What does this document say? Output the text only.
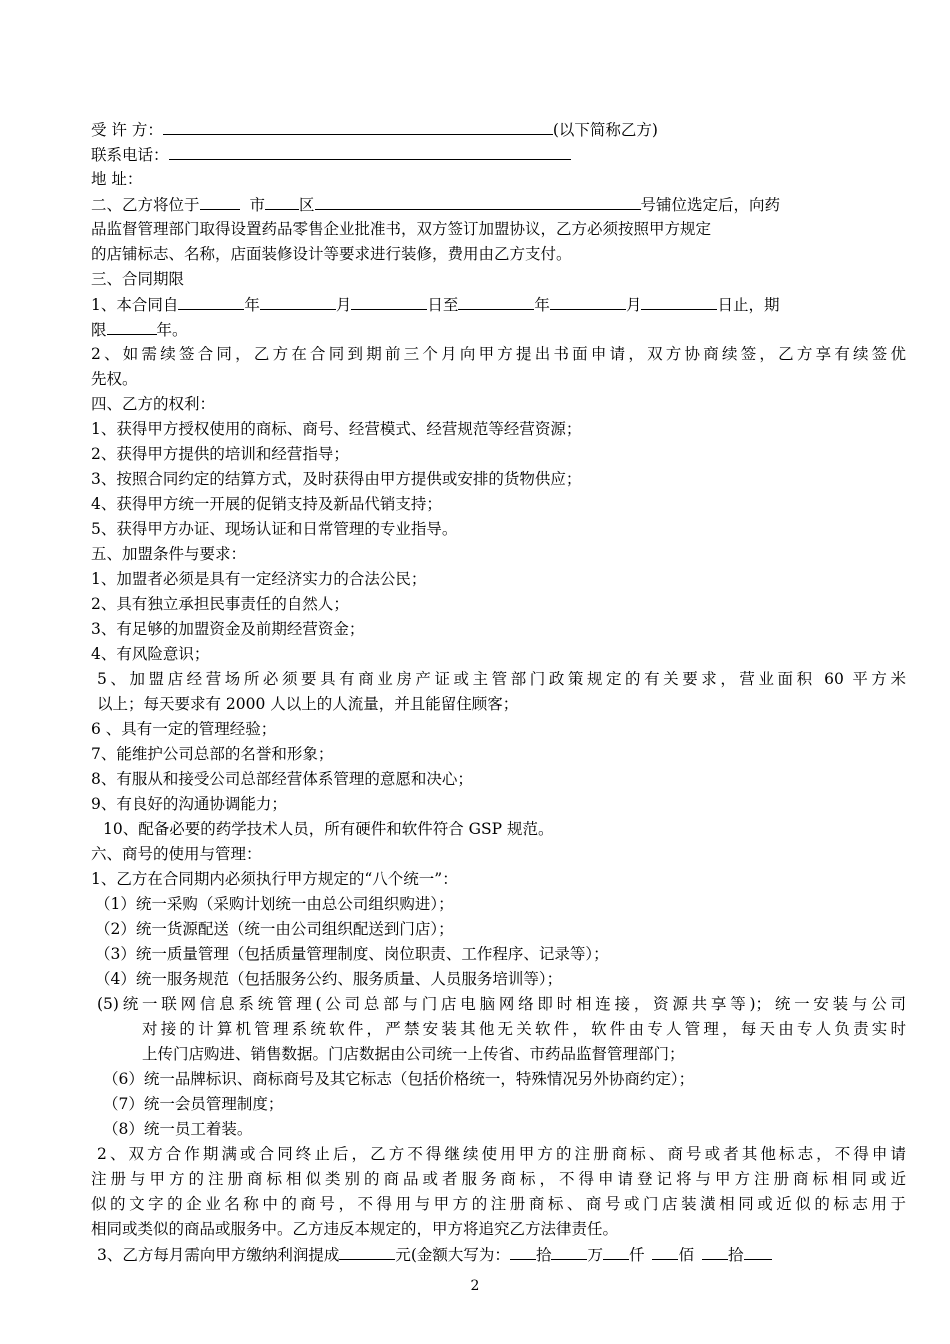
受 许 方：	(以下简称乙方)
联系电话：
地 址：
二、乙方将位于	市 区	号铺位选定后，向药
品监督管理部门取得设置药品零售企业批准书，双方签订加盟协议，乙方必须按照甲方规定
的店铺标志、名称，店面装修设计等要求进行装修，费用由乙方支付。
三、合同期限
1、本合同自	年	月	日至	年	月	日止，期
限	年。
2、如需续签合同，乙方在合同到期前三个月向甲方提出书面申请，双方协商续签，乙方享有续签优
先权。
四、乙方的权利：
1、获得甲方授权使用的商标、商号、经营模式、经营规范等经营资源；
2、获得甲方提供的培训和经营指导；
3、按照合同约定的结算方式，及时获得由甲方提供或安排的货物供应；
4、获得甲方统一开展的促销支持及新品代销支持；
5、获得甲方办证、现场认证和日常管理的专业指导。
五、加盟条件与要求：
1、加盟者必须是具有一定经济实力的合法公民；
2、具有独立承担民事责任的自然人；
3、有足够的加盟资金及前期经营资金；
4、有风险意识；
5、加盟店经营场所必须要具有商业房产证或主管部门政策规定的有关要求，营业面积 60 平方米
以上；每天要求有 2000 人以上的人流量，并且能留住顾客；
6 、具有一定的管理经验；
7、能维护公司总部的名誉和形象；
8、有服从和接受公司总部经营体系管理的意愿和决心；
9、有良好的沟通协调能力；
10、配备必要的药学技术人员，所有硬件和软件符合 GSP 规范。
六、商号的使用与管理：
1、乙方在合同期内必须执行甲方规定的“八个统一”：
（1）统一采购（采购计划统一由总公司组织购进）；
（2）统一货源配送（统一由公司组织配送到门店）；
（3）统一质量管理（包括质量管理制度、岗位职责、工作程序、记录等）；
（4）统一服务规范（包括服务公约、服务质量、人员服务培训等）；
(5)统一联网信息系统管理(公司总部与门店电脑网络即时相连接，资源共享等)；统一安装与公司
对接的计算机管理系统软件，严禁安装其他无关软件，软件由专人管理，每天由专人负责实时
上传门店购进、销售数据。门店数据由公司统一上传省、市药品监督管理部门；
（6）统一品牌标识、商标商号及其它标志（包括价格统一，特殊情况另外协商约定）；
（7）统一会员管理制度；
（8）统一员工着装。
2、双方合作期满或合同终止后，乙方不得继续使用甲方的注册商标、商号或者其他标志，不得申请
注册与甲方的注册商标相似类别的商品或者服务商标，不得申请登记将与甲方注册商标相同或近
似的文字的企业名称中的商号，不得用与甲方的注册商标、商号或门店装潢相同或近似的标志用于
相同或类似的商品或服务中。乙方违反本规定的，甲方将追究乙方法律责任。
3、乙方每月需向甲方缴纳利润提成	元(金额大写为： 拾 万 仟 佰 拾
2
